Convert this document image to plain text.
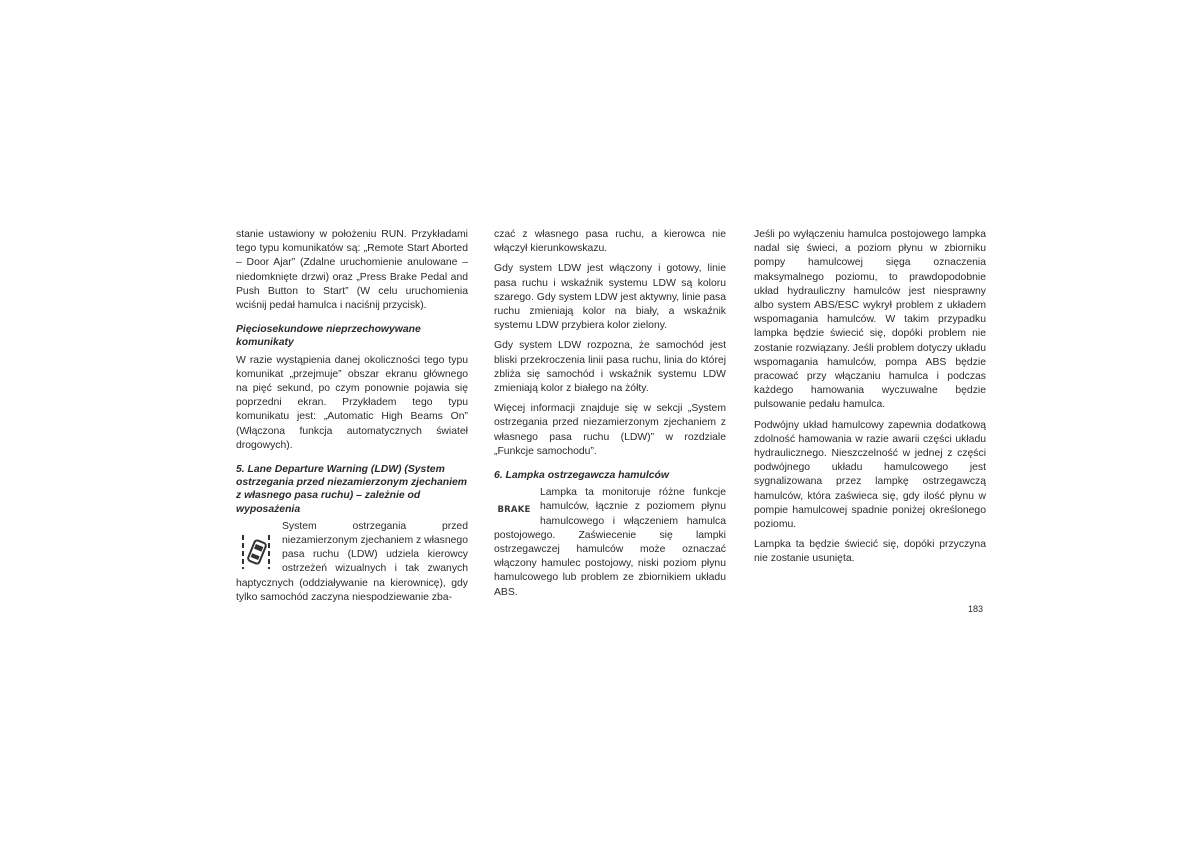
stanie ustawiony w położeniu RUN. Przykładami tego typu komunikatów są: „Remote Start Aborted – Door Ajar” (Zdalne uruchomienie anulowane – niedomknięte drzwi) oraz „Press Brake Pedal and Push Button to Start” (W celu uruchomienia wciśnij pedał hamulca i naciśnij przycisk).

Pięciosekundowe nieprzechowywane komunikaty

W razie wystąpienia danej okoliczności tego typu komunikat „przejmuje” obszar ekranu głównego na pięć sekund, po czym ponownie pojawia się poprzedni ekran. Przykładem tego typu komunikatu jest: „Automatic High Beams On” (Włączona funkcja automatycznych świateł drogowych).

5. Lane Departure Warning (LDW) (System ostrzegania przed niezamierzonym zjechaniem z własnego pasa ruchu) – zależnie od wyposażenia

System ostrzegania przed niezamierzonym zjechaniem z własnego pasa ruchu (LDW) udziela kierowcy ostrzeżeń wizualnych i tak zwanych haptycznych (oddziaływanie na kierownicę), gdy tylko samochód zaczyna niespodziewanie zba-

czać z własnego pasa ruchu, a kierowca nie włączył kierunkowskazu.

Gdy system LDW jest włączony i gotowy, linie pasa ruchu i wskaźnik systemu LDW są koloru szarego. Gdy system LDW jest aktywny, linie pasa ruchu zmieniają kolor na biały, a wskaźnik systemu LDW przybiera kolor zielony.

Gdy system LDW rozpozna, że samochód jest bliski przekroczenia linii pasa ruchu, linia do której zbliża się samochód i wskaźnik systemu LDW zmieniają kolor z białego na żółty.

Więcej informacji znajduje się w sekcji „System ostrzegania przed niezamierzonym zjechaniem z własnego pasa ruchu (LDW)” w rozdziale „Funkcje samochodu”.

6. Lampka ostrzegawcza hamulców
BRAKE

Lampka ta monitoruje różne funkcje hamulców, łącznie z poziomem płynu hamulcowego i włączeniem hamulca postojowego. Zaświecenie się lampki ostrzegawczej hamulców może oznaczać włączony hamulec postojowy, niski poziom płynu hamulcowego lub problem ze zbiornikiem układu ABS.

Jeśli po wyłączeniu hamulca postojowego lampka nadal się świeci, a poziom płynu w zbiorniku pompy hamulcowej sięga oznaczenia maksymalnego poziomu, to prawdopodobnie układ hydrauliczny hamulców jest niesprawny albo system ABS/ESC wykrył problem z układem wspomagania hamulców. W takim przypadku lampka będzie świecić się, dopóki problem nie zostanie rozwiązany. Jeśli problem dotyczy układu wspomagania hamulców, pompa ABS będzie pracować przy włączaniu hamulca i podczas każdego hamowania wyczuwalne będzie pulsowanie pedału hamulca.

Podwójny układ hamulcowy zapewnia dodatkową zdolność hamowania w razie awarii części układu hydraulicznego. Nieszczelność w jednej z części podwójnego układu hamulcowego jest sygnalizowana przez lampkę ostrzegawczą hamulców, która zaświeca się, gdy ilość płynu w pompie hamulcowej spadnie poniżej określonego poziomu.

Lampka ta będzie świecić się, dopóki przyczyna nie zostanie usunięta.

183
